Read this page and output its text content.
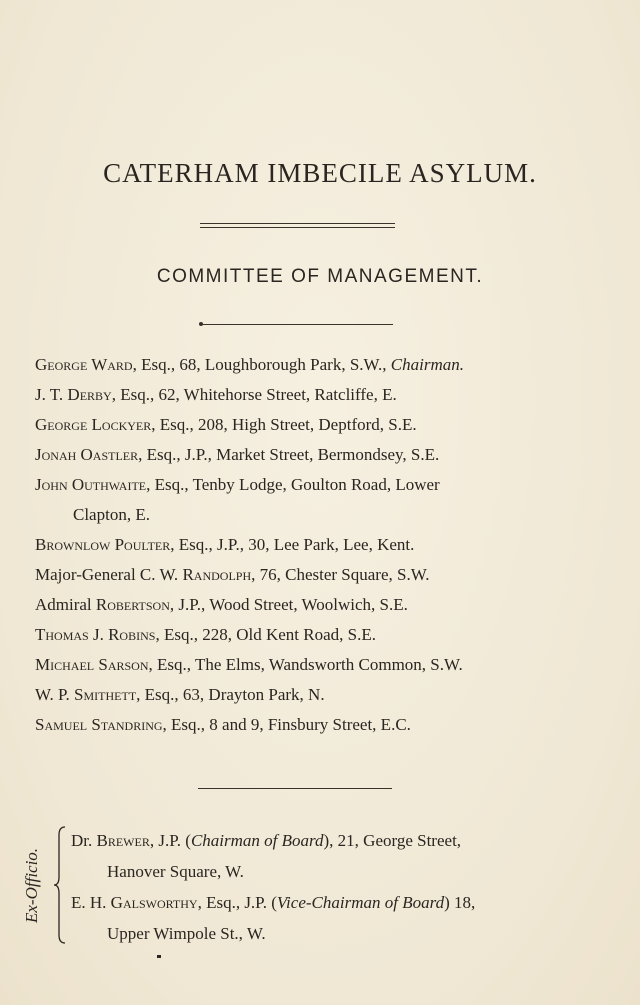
CATERHAM IMBECILE ASYLUM.
COMMITTEE OF MANAGEMENT.
George Ward, Esq., 68, Loughborough Park, S.W., Chairman.
J. T. Derby, Esq., 62, Whitehorse Street, Ratcliffe, E.
George Lockyer, Esq., 208, High Street, Deptford, S.E.
Jonah Oastler, Esq., J.P., Market Street, Bermondsey, S.E.
John Outhwaite, Esq., Tenby Lodge, Goulton Road, Lower
Clapton, E.
Brownlow Poulter, Esq., J.P., 30, Lee Park, Lee, Kent.
Major-General C. W. Randolph, 76, Chester Square, S.W.
Admiral Robertson, J.P., Wood Street, Woolwich, S.E.
Thomas J. Robins, Esq., 228, Old Kent Road, S.E.
Michael Sarson, Esq., The Elms, Wandsworth Common, S.W.
W. P. Smithett, Esq., 63, Drayton Park, N.
Samuel Standring, Esq., 8 and 9, Finsbury Street, E.C.
Ex-Officio.
Dr. Brewer, J.P. (Chairman of Board), 21, George Street,
Hanover Square, W.
E. H. Galsworthy, Esq., J.P. (Vice-Chairman of Board) 18,
Upper Wimpole St., W.
